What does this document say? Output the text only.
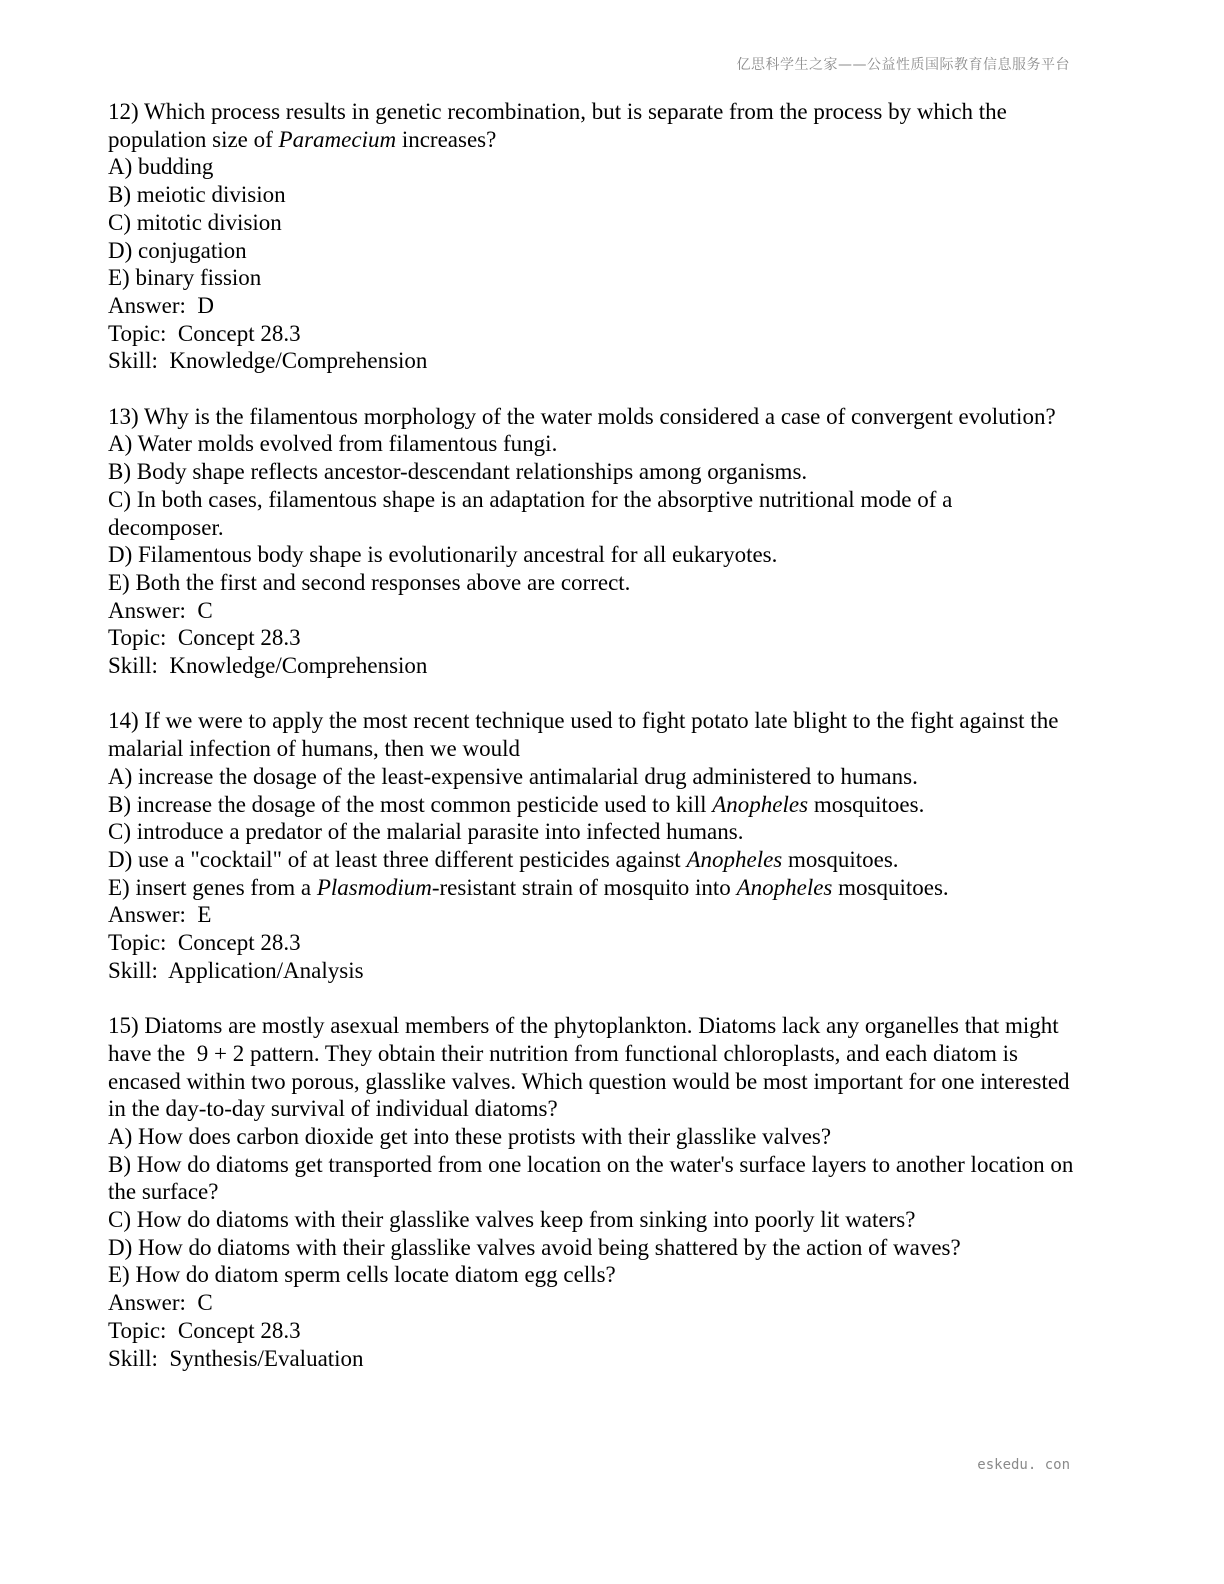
亿思科学生之家——公益性质国际教育信息服务平台
12) Which process results in genetic recombination, but is separate from the process by which the
population size of Paramecium increases?
A) budding
B) meiotic division
C) mitotic division
D) conjugation
E) binary fission
Answer:  D
Topic:  Concept 28.3
Skill:  Knowledge/Comprehension
13) Why is the filamentous morphology of the water molds considered a case of convergent evolution?
A) Water molds evolved from filamentous fungi.
B) Body shape reflects ancestor-descendant relationships among organisms.
C) In both cases, filamentous shape is an adaptation for the absorptive nutritional mode of a
decomposer.
D) Filamentous body shape is evolutionarily ancestral for all eukaryotes.
E) Both the first and second responses above are correct.
Answer:  C
Topic:  Concept 28.3
Skill:  Knowledge/Comprehension
14) If we were to apply the most recent technique used to fight potato late blight to the fight against the
malarial infection of humans, then we would
A) increase the dosage of the least-expensive antimalarial drug administered to humans.
B) increase the dosage of the most common pesticide used to kill Anopheles mosquitoes.
C) introduce a predator of the malarial parasite into infected humans.
D) use a "cocktail" of at least three different pesticides against Anopheles mosquitoes.
E) insert genes from a Plasmodium-resistant strain of mosquito into Anopheles mosquitoes.
Answer:  E
Topic:  Concept 28.3
Skill:  Application/Analysis
15) Diatoms are mostly asexual members of the phytoplankton. Diatoms lack any organelles that might
have the  9 + 2 pattern. They obtain their nutrition from functional chloroplasts, and each diatom is
encased within two porous, glasslike valves. Which question would be most important for one interested
in the day-to-day survival of individual diatoms?
A) How does carbon dioxide get into these protists with their glasslike valves?
B) How do diatoms get transported from one location on the water's surface layers to another location on
the surface?
C) How do diatoms with their glasslike valves keep from sinking into poorly lit waters?
D) How do diatoms with their glasslike valves avoid being shattered by the action of waves?
E) How do diatom sperm cells locate diatom egg cells?
Answer:  C
Topic:  Concept 28.3
Skill:  Synthesis/Evaluation
eskedu. con
